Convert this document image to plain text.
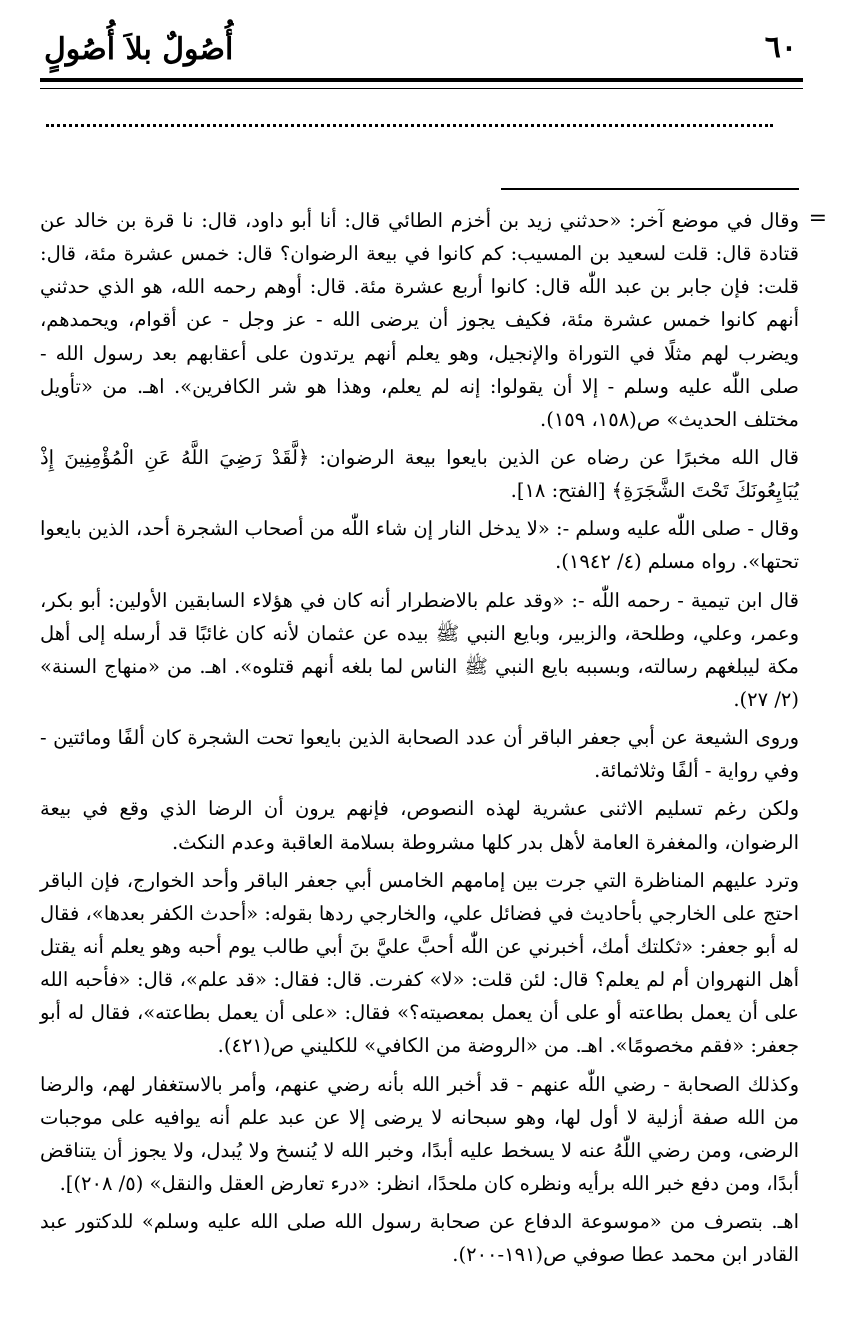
أُصُولٌ بلاَ أُصُولٍ	٦٠
=

وقال في موضع آخر: «حدثني زيد بن أخزم الطائي قال: أنا أبو داود، قال: نا قرة بن خالد عن قتادة قال: قلت لسعيد بن المسيب: كم كانوا في بيعة الرضوان؟ قال: خمس عشرة مئة، قال: قلت: فإن جابر بن عبد اللّٰه قال: كانوا أربع عشرة مئة. قال: أوهم رحمه الله، هو الذي حدثني أنهم كانوا خمس عشرة مئة، فكيف يجوز أن يرضى الله - عز وجل - عن أقوام، ويحمدهم، ويضرب لهم مثلًا في التوراة والإنجيل، وهو يعلم أنهم يرتدون على أعقابهم بعد رسول الله - صلى اللّٰه عليه وسلم - إلا أن يقولوا: إنه لم يعلم، وهذا هو شر الكافرين». اهـ. من «تأويل مختلف الحديث» ص(١٥٨، ١٥٩).

قال الله مخبرًا عن رضاه عن الذين بايعوا بيعة الرضوان: ﴿لَّقَدْ رَضِيَ اللَّهُ عَنِ الْمُؤْمِنِينَ إِذْ يُبَايِعُونَكَ تَحْتَ الشَّجَرَةِ﴾ [الفتح: ١٨].

وقال - صلى اللّٰه عليه وسلم -: «لا يدخل النار إن شاء اللّٰه من أصحاب الشجرة أحد، الذين بايعوا تحتها». رواه مسلم (٤/ ١٩٤٢).

قال ابن تيمية - رحمه اللّٰه -: «وقد علم بالاضطرار أنه كان في هؤلاء السابقين الأولين: أبو بكر، وعمر، وعلي، وطلحة، والزبير، وبايع النبي ﷺ بيده عن عثمان لأنه كان غائبًا قد أرسله إلى أهل مكة ليبلغهم رسالته، وبسببه بايع النبي ﷺ الناس لما بلغه أنهم قتلوه». اهـ. من «منهاج السنة» (٢/ ٢٧).

وروى الشيعة عن أبي جعفر الباقر أن عدد الصحابة الذين بايعوا تحت الشجرة كان ألفًا ومائتين - وفي رواية - ألفًا وثلاثمائة.

ولكن رغم تسليم الاثنى عشرية لهذه النصوص، فإنهم يرون أن الرضا الذي وقع في بيعة الرضوان، والمغفرة العامة لأهل بدر كلها مشروطة بسلامة العاقبة وعدم النكث.

وترد عليهم المناظرة التي جرت بين إمامهم الخامس أبي جعفر الباقر وأحد الخوارج، فإن الباقر احتج على الخارجي بأحاديث في فضائل علي، والخارجي ردها بقوله: «أحدث الكفر بعدها»، فقال له أبو جعفر: «ثكلتك أمك، أخبرني عن اللّٰه أحبَّ عليَّ بنَ أبي طالب يوم أحبه وهو يعلم أنه يقتل أهل النهروان أم لم يعلم؟ قال: لئن قلت: «لا» كفرت. قال: فقال: «قد علم»، قال: «فأحبه الله على أن يعمل بطاعته أو على أن يعمل بمعصيته؟» فقال: «على أن يعمل بطاعته»، فقال له أبو جعفر: «فقم مخصومًا». اهـ. من «الروضة من الكافي» للكليني ص(٤٢١).

وكذلك الصحابة - رضي اللّٰه عنهم - قد أخبر الله بأنه رضي عنهم، وأمر بالاستغفار لهم، والرضا من الله صفة أزلية لا أول لها، وهو سبحانه لا يرضى إلا عن عبد علم أنه يوافيه على موجبات الرضى، ومن رضي اللّٰهُ عنه لا يسخط عليه أبدًا، وخبر الله لا يُنسخ ولا يُبدل، ولا يجوز أن يتناقض أبدًا، ومن دفع خبر الله برأيه ونظره كان ملحدًا، انظر: «درء تعارض العقل والنقل» (٥/ ٢٠٨)].

اهـ. بتصرف من «موسوعة الدفاع عن صحابة رسول الله صلى الله عليه وسلم» للدكتور عبد القادر ابن محمد عطا صوفي ص(١٩١-٢٠٠).
